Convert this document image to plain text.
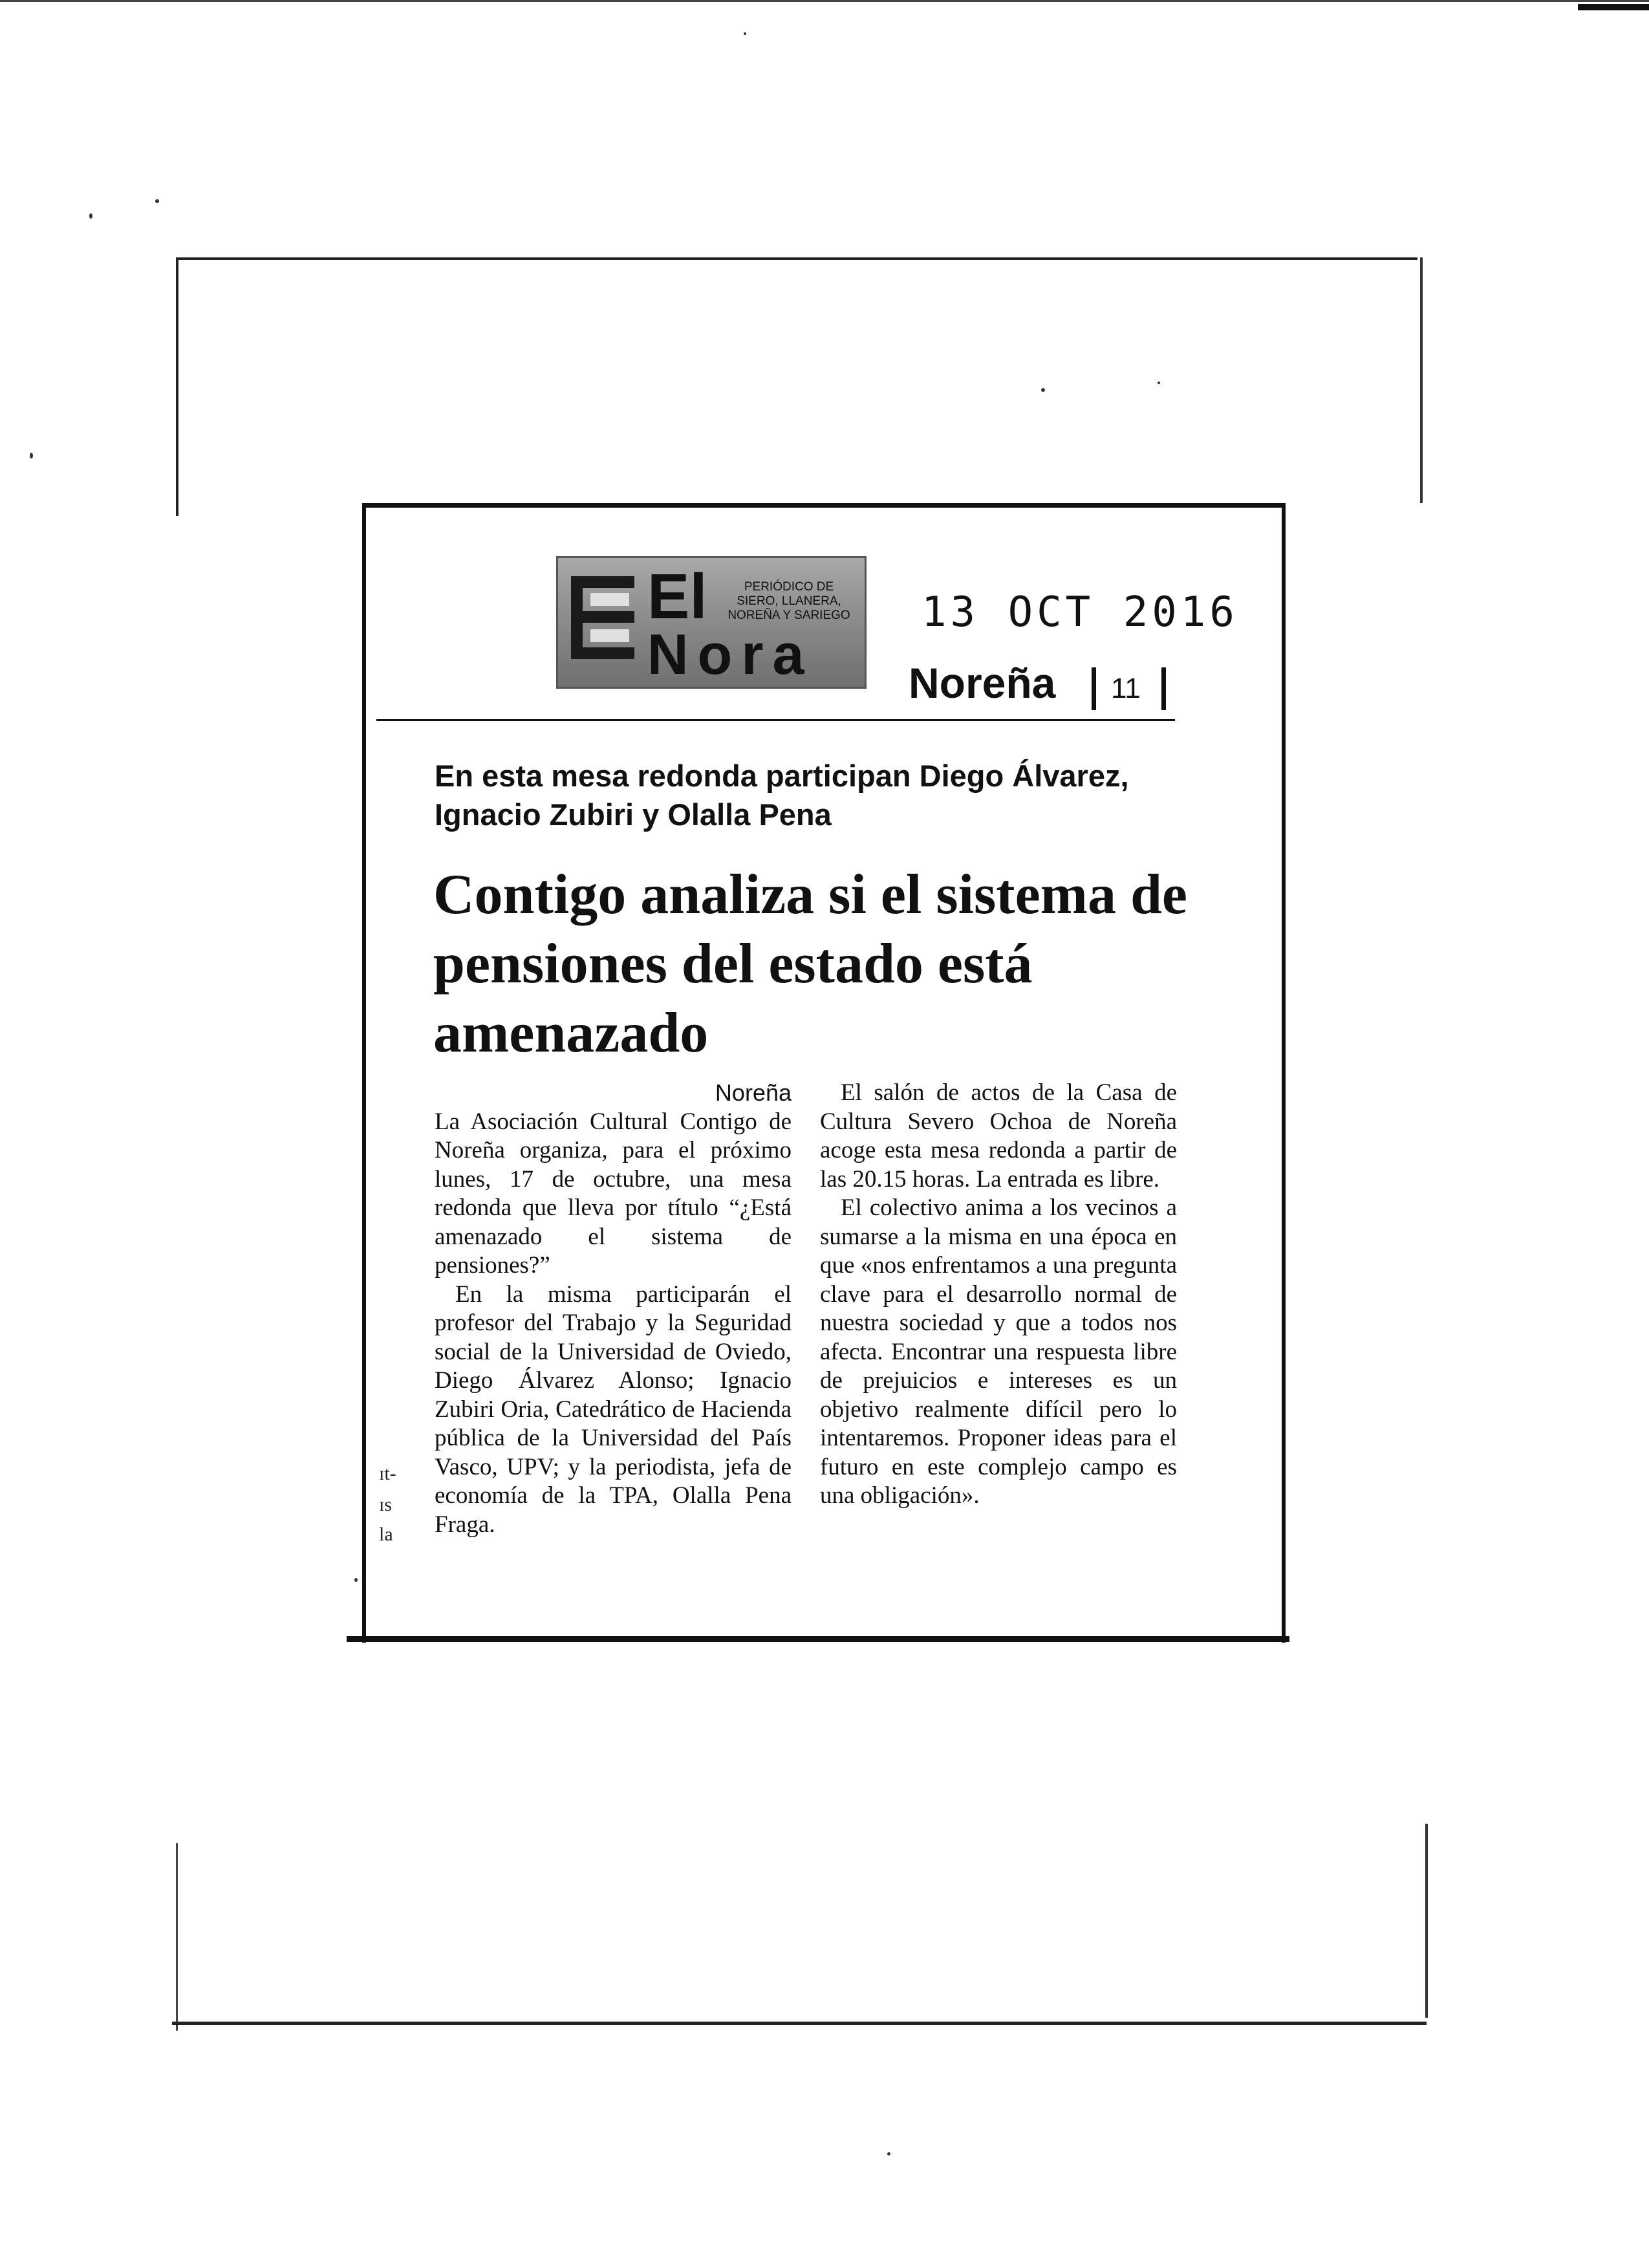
El	PERIÓDICO DE SIERO, LLANERA, NOREÑA Y SARIEGO
Nora
13 OCT 2016
Noreña 11
En esta mesa redonda participan Diego Álvarez, Ignacio Zubiri y Olalla Pena
Contigo analiza si el sistema de pensiones del estado está amenazado
Noreña

La Asociación Cultural Contigo de Noreña organiza, para el próximo lunes, 17 de octubre, una mesa redonda que lleva por título “¿Está amenazado el sistema de pensiones?”

En la misma participarán el profesor del Trabajo y la Seguridad social de la Universidad de Oviedo, Diego Álvarez Alonso; Ignacio Zubiri Oria, Catedrático de Hacienda pública de la Universidad del País Vasco, UPV; y la periodista, jefa de economía de la TPA, Olalla Pena Fraga.

El salón de actos de la Casa de Cultura Severo Ochoa de Noreña acoge esta mesa redonda a partir de las 20.15 horas. La entrada es libre.

El colectivo anima a los vecinos a sumarse a la misma en una época en que «nos enfrentamos a una pregunta clave para el desarrollo normal de nuestra sociedad y que a todos nos afecta. Encontrar una respuesta libre de prejuicios e intereses es un objetivo realmente difícil pero lo intentaremos. Proponer ideas para el futuro en este complejo campo es una obligación».

ɪt-
ɪs
la
